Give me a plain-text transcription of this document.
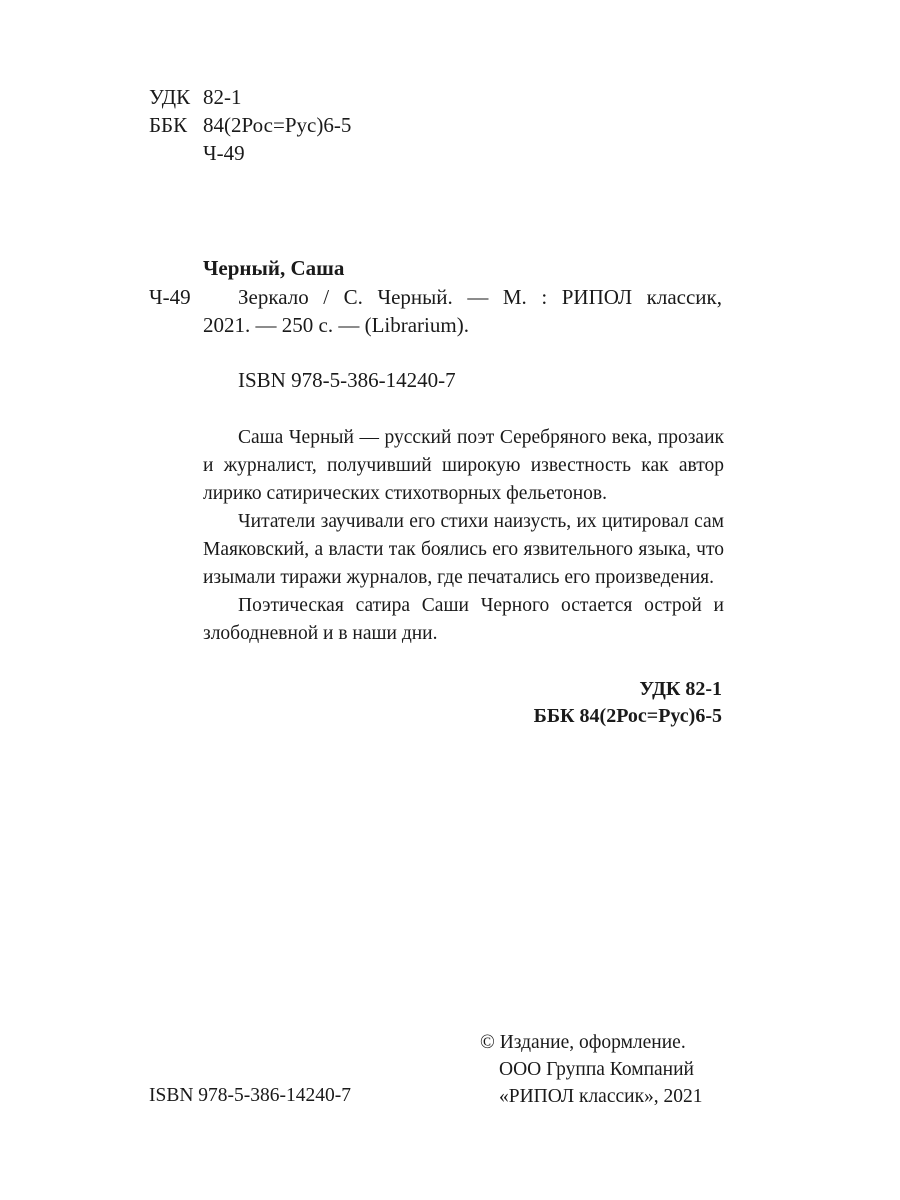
УДК 82-1
ББК 84(2Рос=Рус)6-5
Ч-49
Черный, Саша
Ч-49 Зеркало / С. Черный. — М. : РИПОЛ классик,
2021. — 250 с. — (Librarium).
ISBN 978-5-386-14240-7

Саша Черный — русский поэт Серебряного века, прозаик и журналист, получивший широкую известность как автор лирико сатирических стихотворных фельетонов.

Читатели заучивали его стихи наизусть, их цитировал сам Маяковский, а власти так боялись его язвительного языка, что изымали тиражи журналов, где печатались его произведения.

Поэтическая сатира Саши Черного остается острой и злободневной и в наши дни.

УДК 82-1
ББК 84(2Рос=Рус)6-5
© Издание, оформление.
ООО Группа Компаний
«РИПОЛ классик», 2021
ISBN 978-5-386-14240-7
